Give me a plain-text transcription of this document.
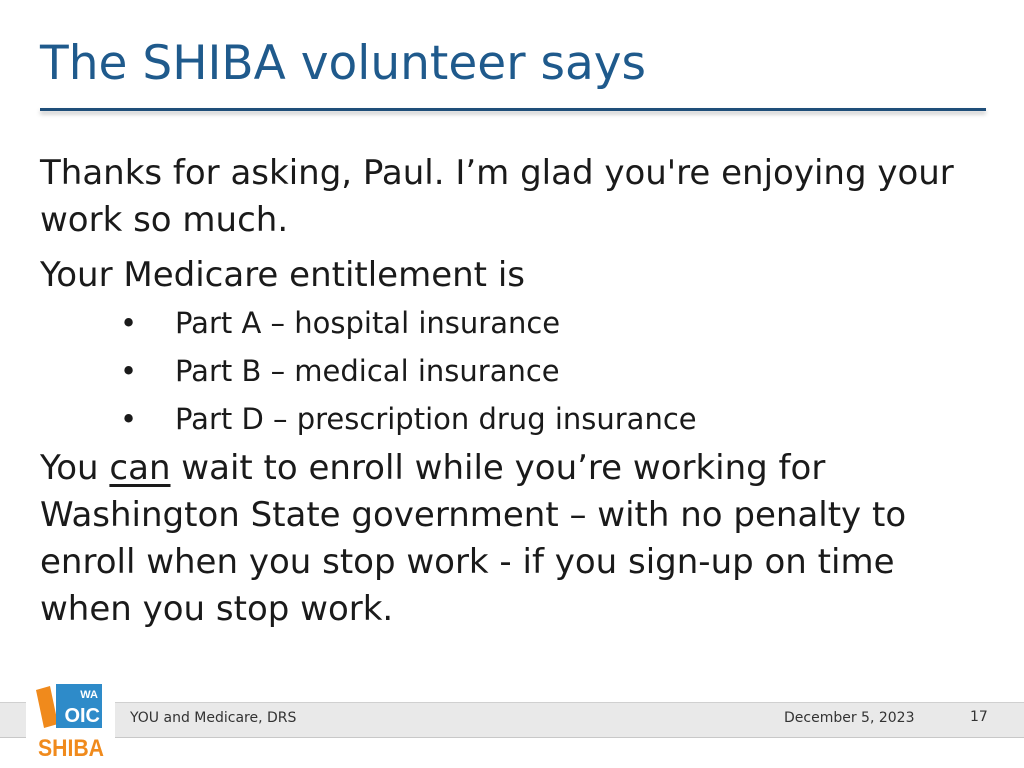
The SHIBA volunteer says

Thanks for asking, Paul. I’m glad you're enjoying your work so much.

Your Medicare entitlement is

• Part A – hospital insurance
• Part B – medical insurance
• Part D – prescription drug insurance

You can wait to enroll while you’re working for Washington State government – with no penalty to enroll when you stop work - if you sign-up on time when you stop work.

YOU and Medicare, DRS	December 5, 2023	17
WA
OIC
SHIBA
